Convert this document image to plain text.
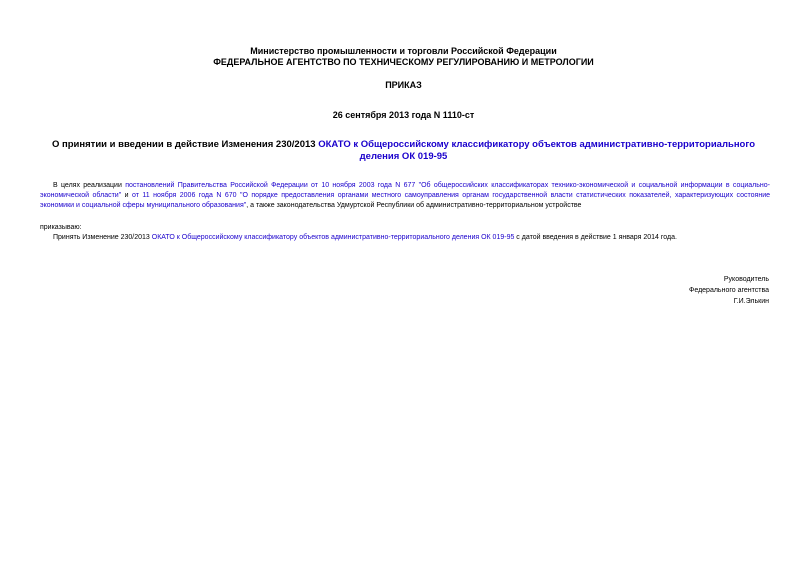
Министерство промышленности и торговли Российской Федерации
ФЕДЕРАЛЬНОЕ АГЕНТСТВО ПО ТЕХНИЧЕСКОМУ РЕГУЛИРОВАНИЮ И МЕТРОЛОГИИ
ПРИКАЗ
26 сентября 2013 года N 1110-ст
О принятии и введении в действие Изменения 230/2013 ОКАТО к Общероссийскому классификатору объектов административно-территориального деления ОК 019-95
В целях реализации постановлений Правительства Российской Федерации от 10 ноября 2003 года N 677 "Об общероссийских классификаторах технико-экономической и социальной информации в социально-экономической области" и от 11 ноября 2006 года N 670 "О порядке предоставления органами местного самоуправления органам государственной власти статистических показателей, характеризующих состояние экономики и социальной сферы муниципального образования", а также законодательства Удмуртской Республики об административно-территориальном устройстве
приказываю:
Принять Изменение 230/2013 ОКАТО к Общероссийскому классификатору объектов административно-территориального деления ОК 019-95 с датой введения в действие 1 января 2014 года.
Руководитель
Федерального агентства
Г.И.Элькин
